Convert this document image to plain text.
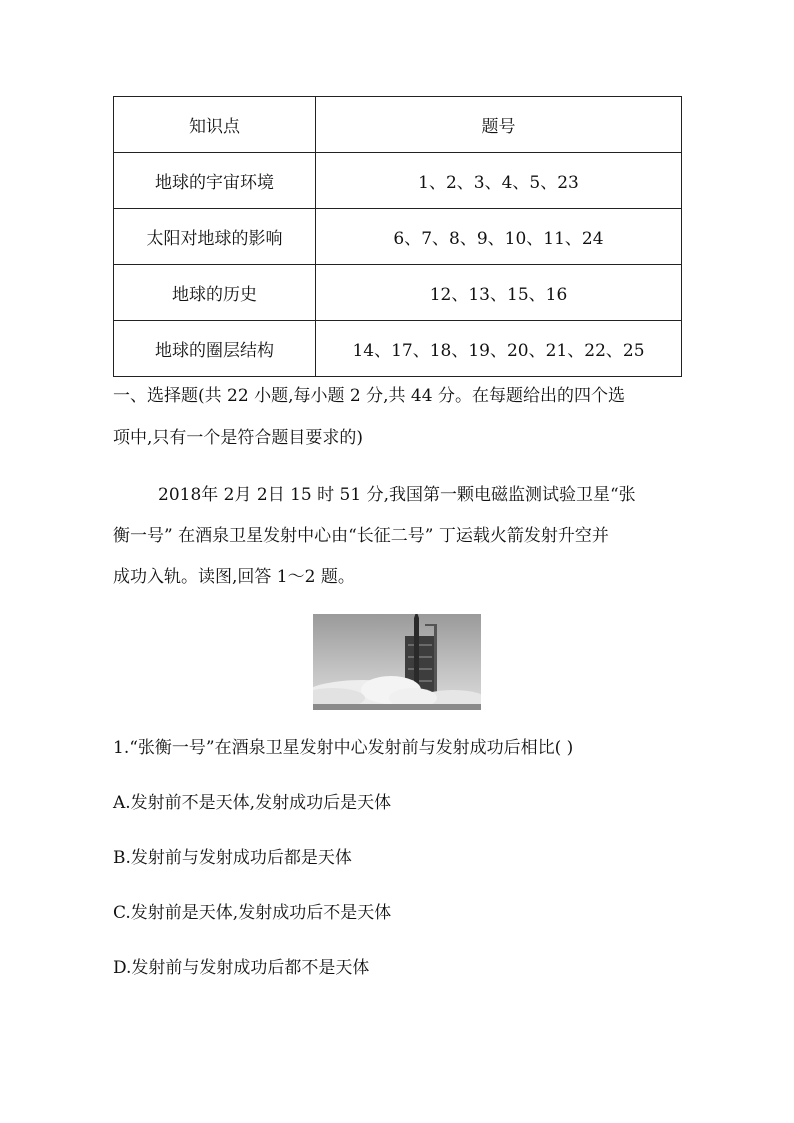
知识点	题号
地球的宇宙环境	1、2、3、4、5、23
太阳对地球的影响	6、7、8、9、10、11、24
地球的历史	12、13、15、16
地球的圈层结构	14、17、18、19、20、21、22、25
一、选择题(共 22 小题,每小题 2 分,共 44 分。在每题给出的四个选
项中,只有一个是符合题目要求的)
2018年 2月 2日 15 时 51 分,我国第一颗电磁监测试验卫星“张
衡一号” 在酒泉卫星发射中心由“长征二号” 丁运载火箭发射升空并
成功入轨。读图,回答 1～2 题。
1.“张衡一号”在酒泉卫星发射中心发射前与发射成功后相比( )
A.发射前不是天体,发射成功后是天体
B.发射前与发射成功后都是天体
C.发射前是天体,发射成功后不是天体
D.发射前与发射成功后都不是天体
